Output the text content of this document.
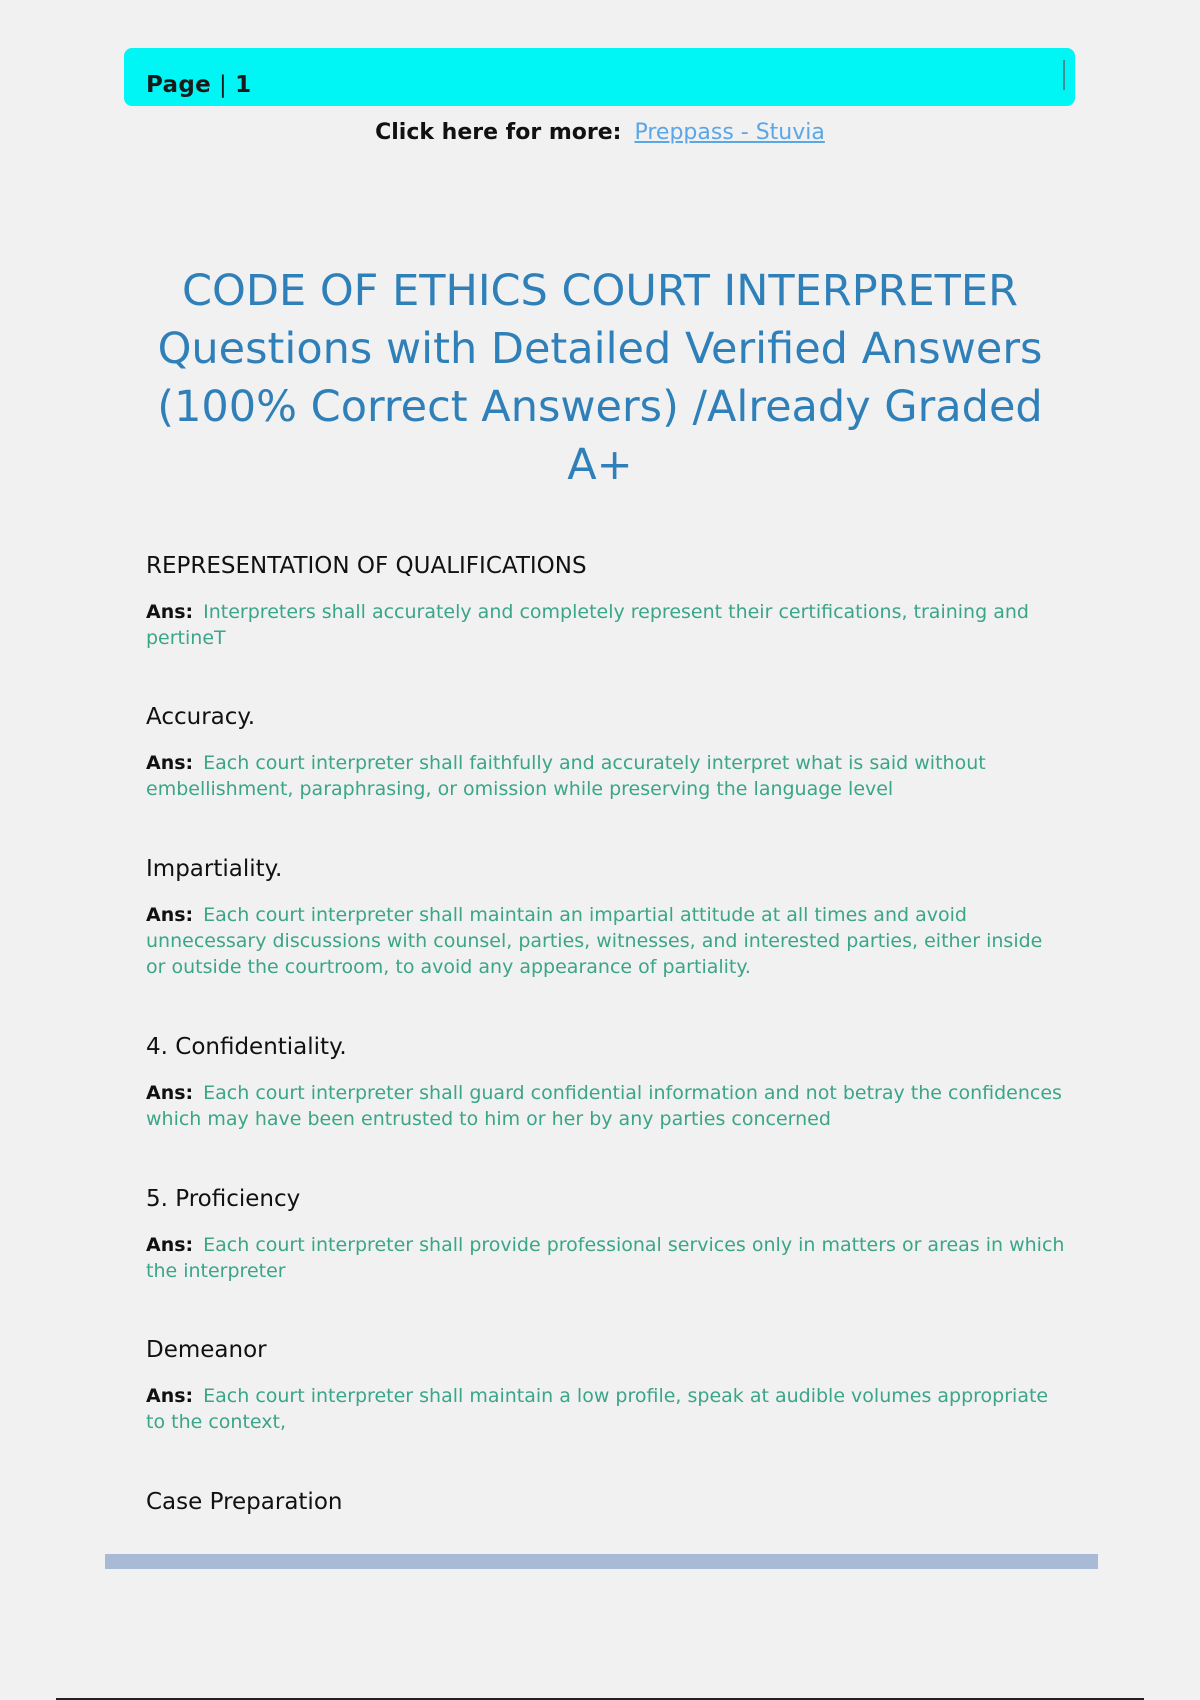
Page | 1
Click here for more: Preppass - Stuvia
CODE OF ETHICS COURT INTERPRETER
Questions with Detailed Verified Answers
(100% Correct Answers) /Already Graded
A+

REPRESENTATION OF QUALIFICATIONS

Ans: Interpreters shall accurately and completely represent their certifications, training and pertineT

Accuracy.

Ans: Each court interpreter shall faithfully and accurately interpret what is said without embellishment, paraphrasing, or omission while preserving the language level

Impartiality.

Ans: Each court interpreter shall maintain an impartial attitude at all times and avoid unnecessary discussions with counsel, parties, witnesses, and interested parties, either inside or outside the courtroom, to avoid any appearance of partiality.

4. Confidentiality.

Ans: Each court interpreter shall guard confidential information and not betray the confidences which may have been entrusted to him or her by any parties concerned

5. Proficiency

Ans: Each court interpreter shall provide professional services only in matters or areas in which the interpreter

Demeanor

Ans: Each court interpreter shall maintain a low profile, speak at audible volumes appropriate to the context,

Case Preparation
